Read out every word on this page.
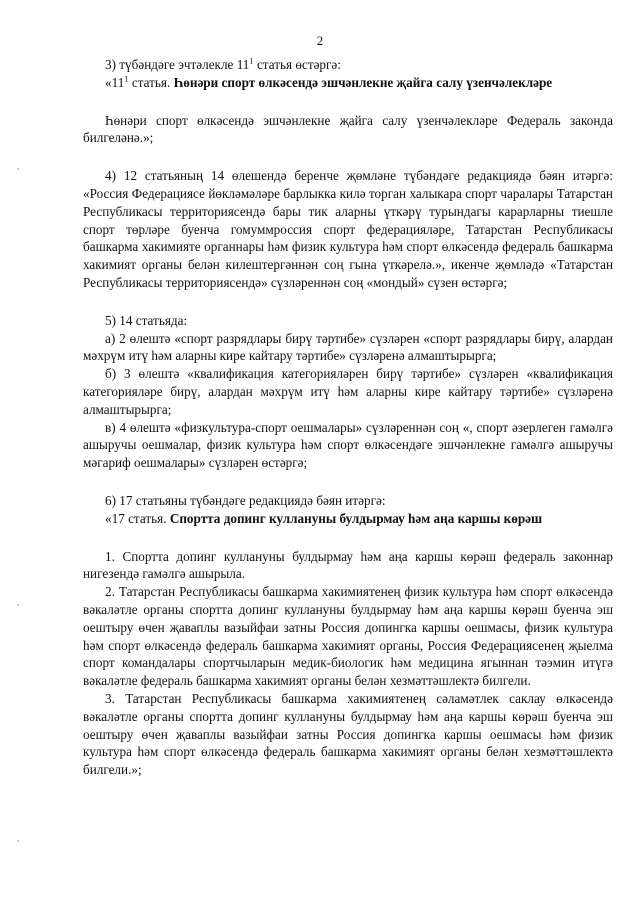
2

3) түбәндәге эчтәлекле $11^1$ статья өстәргә:

«$11^1$ статья. Һөнәри спорт өлкәсендә эшчәнлекне җайга салу үзенчәлекләре

Һөнәри спорт өлкәсендә эшчәнлекне җайга салу үзенчәлекләре Федераль законда билгеләнә.»;

4) 12 статьяның 14 өлешендә беренче җөмләне түбәндәге редакциядә бәян итәргә: «Россия Федерациясе йөкләмәләре барлыкка килә торган халыкара спорт чаралары Татарстан Республикасы территориясендә бары тик аларны үткәрү турындагы карарларны тиешле спорт төрләре буенча гомуммроссия спорт федерацияләре, Татарстан Республикасы башкарма хакимияте органнары һәм физик культура һәм спорт өлкәсендә федераль башкарма хакимият органы белән килештергәннән соң гына үткәрелә.», икенче җөмләдә «Татарстан Республикасы территориясендә» сүзләреннән соң «мондый» сүзен өстәргә;

5) 14 статьяда:

а) 2 өлештә «спорт разрядлары бирү тәртибе» сүзләрен «спорт разрядлары бирү, алардан мәхрүм итү һәм аларны кире кайтару тәртибе» сүзләренә алмаштырырга;

б) 3 өлештә «квалификация категорияләрен бирү тәртибе» сүзләрен «квалификация категорияләре бирү, алардан мәхрүм итү һәм аларны кире кайтару тәртибе» сүзләренә алмаштырырга;

в) 4 өлештә «физкультура-спорт оешмалары» сүзләреннән соң «, спорт әзерлеген гамәлгә ашыручы оешмалар, физик культура һәм спорт өлкәсендәге эшчәнлекне гамәлгә ашыручы мәгариф оешмалары» сүзләрен өстәргә;

6) 17 статьяны түбәндәге редакциядә бәян итәргә:

«17 статья. Спортта допинг куллануны булдырмау һәм аңа каршы көрәш

1. Спортта допинг куллануны булдырмау һәм аңа каршы көрәш федераль законнар нигезендә гамәлгә ашырыла.

2. Татарстан Республикасы башкарма хакимиятенең физик культура һәм спорт өлкәсендә вәкаләтле органы спортта допинг куллануны булдырмау һәм аңа каршы көрәш буенча эш оештыру өчен җаваплы вазыйфаи затны Россия допингка каршы оешмасы, физик культура һәм спорт өлкәсендә федераль башкарма хакимият органы, Россия Федерациясенең җыелма спорт командалары спортчыларын медик-биологик һәм медицина ягыннан тәэмин итүгә вәкаләтле федераль башкарма хакимият органы белән хезмәттәшлектә билгели.

3. Татарстан Республикасы башкарма хакимиятенең сәламәтлек саклау өлкәсендә вәкаләтле органы спортта допинг куллануны булдырмау һәм аңа каршы көрәш буенча эш оештыру өчен җаваплы вазыйфаи затны Россия допингка каршы оешмасы һәм физик культура һәм спорт өлкәсендә федераль башкарма хакимият органы белән хезмәттәшлектә билгели.»;
